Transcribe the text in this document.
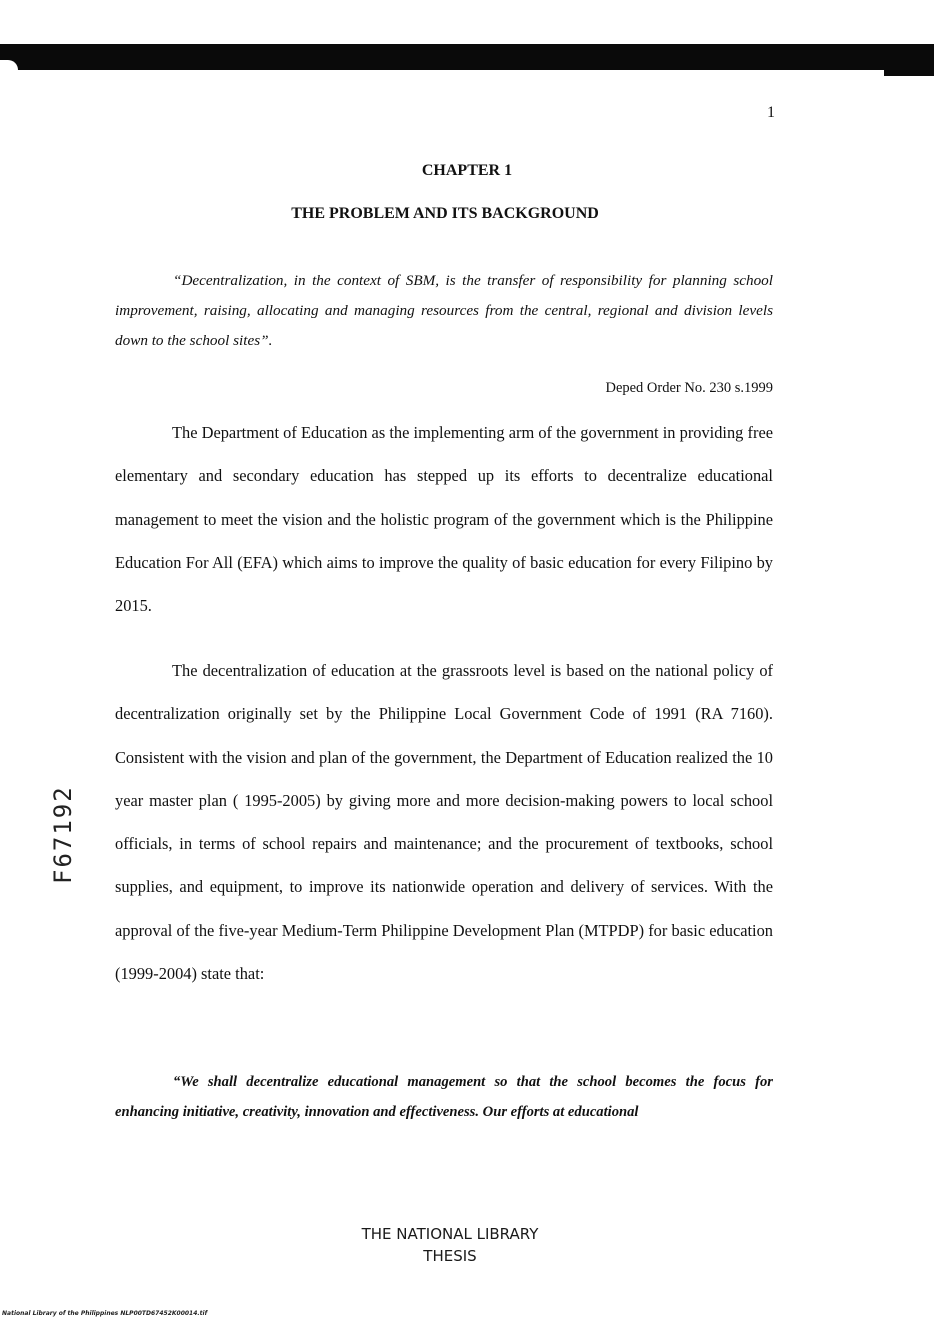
1
CHAPTER 1
THE PROBLEM AND ITS BACKGROUND
“Decentralization, in the context of SBM, is the transfer of responsibility for planning school improvement, raising, allocating and managing resources from the central, regional and division levels down to the school sites”.
Deped Order No. 230 s.1999
The Department of Education as the implementing arm of the government in providing free elementary and secondary education has stepped up its efforts to decentralize educational management to meet the vision and the holistic program of the government which is the Philippine Education For All (EFA) which aims to improve the quality of basic education for every Filipino by 2015.
The decentralization of education at the grassroots level is based on the national policy of decentralization originally set by the Philippine Local Government Code of 1991 (RA 7160). Consistent with the vision and plan of the government, the Department of Education realized the 10 year master plan ( 1995-2005) by giving more and more decision-making powers to local school officials, in terms of school repairs and maintenance; and the procurement of textbooks, school supplies, and equipment, to improve its nationwide operation and delivery of services. With the approval of the five-year Medium-Term Philippine Development Plan (MTPDP) for basic education (1999-2004) state that:
F67192
“We shall decentralize educational management so that the school becomes the focus for enhancing initiative, creativity, innovation and effectiveness. Our efforts at educational
THE NATIONAL LIBRARY
THESIS
National Library of the Philippines NLP00TD67452K00014.tif
